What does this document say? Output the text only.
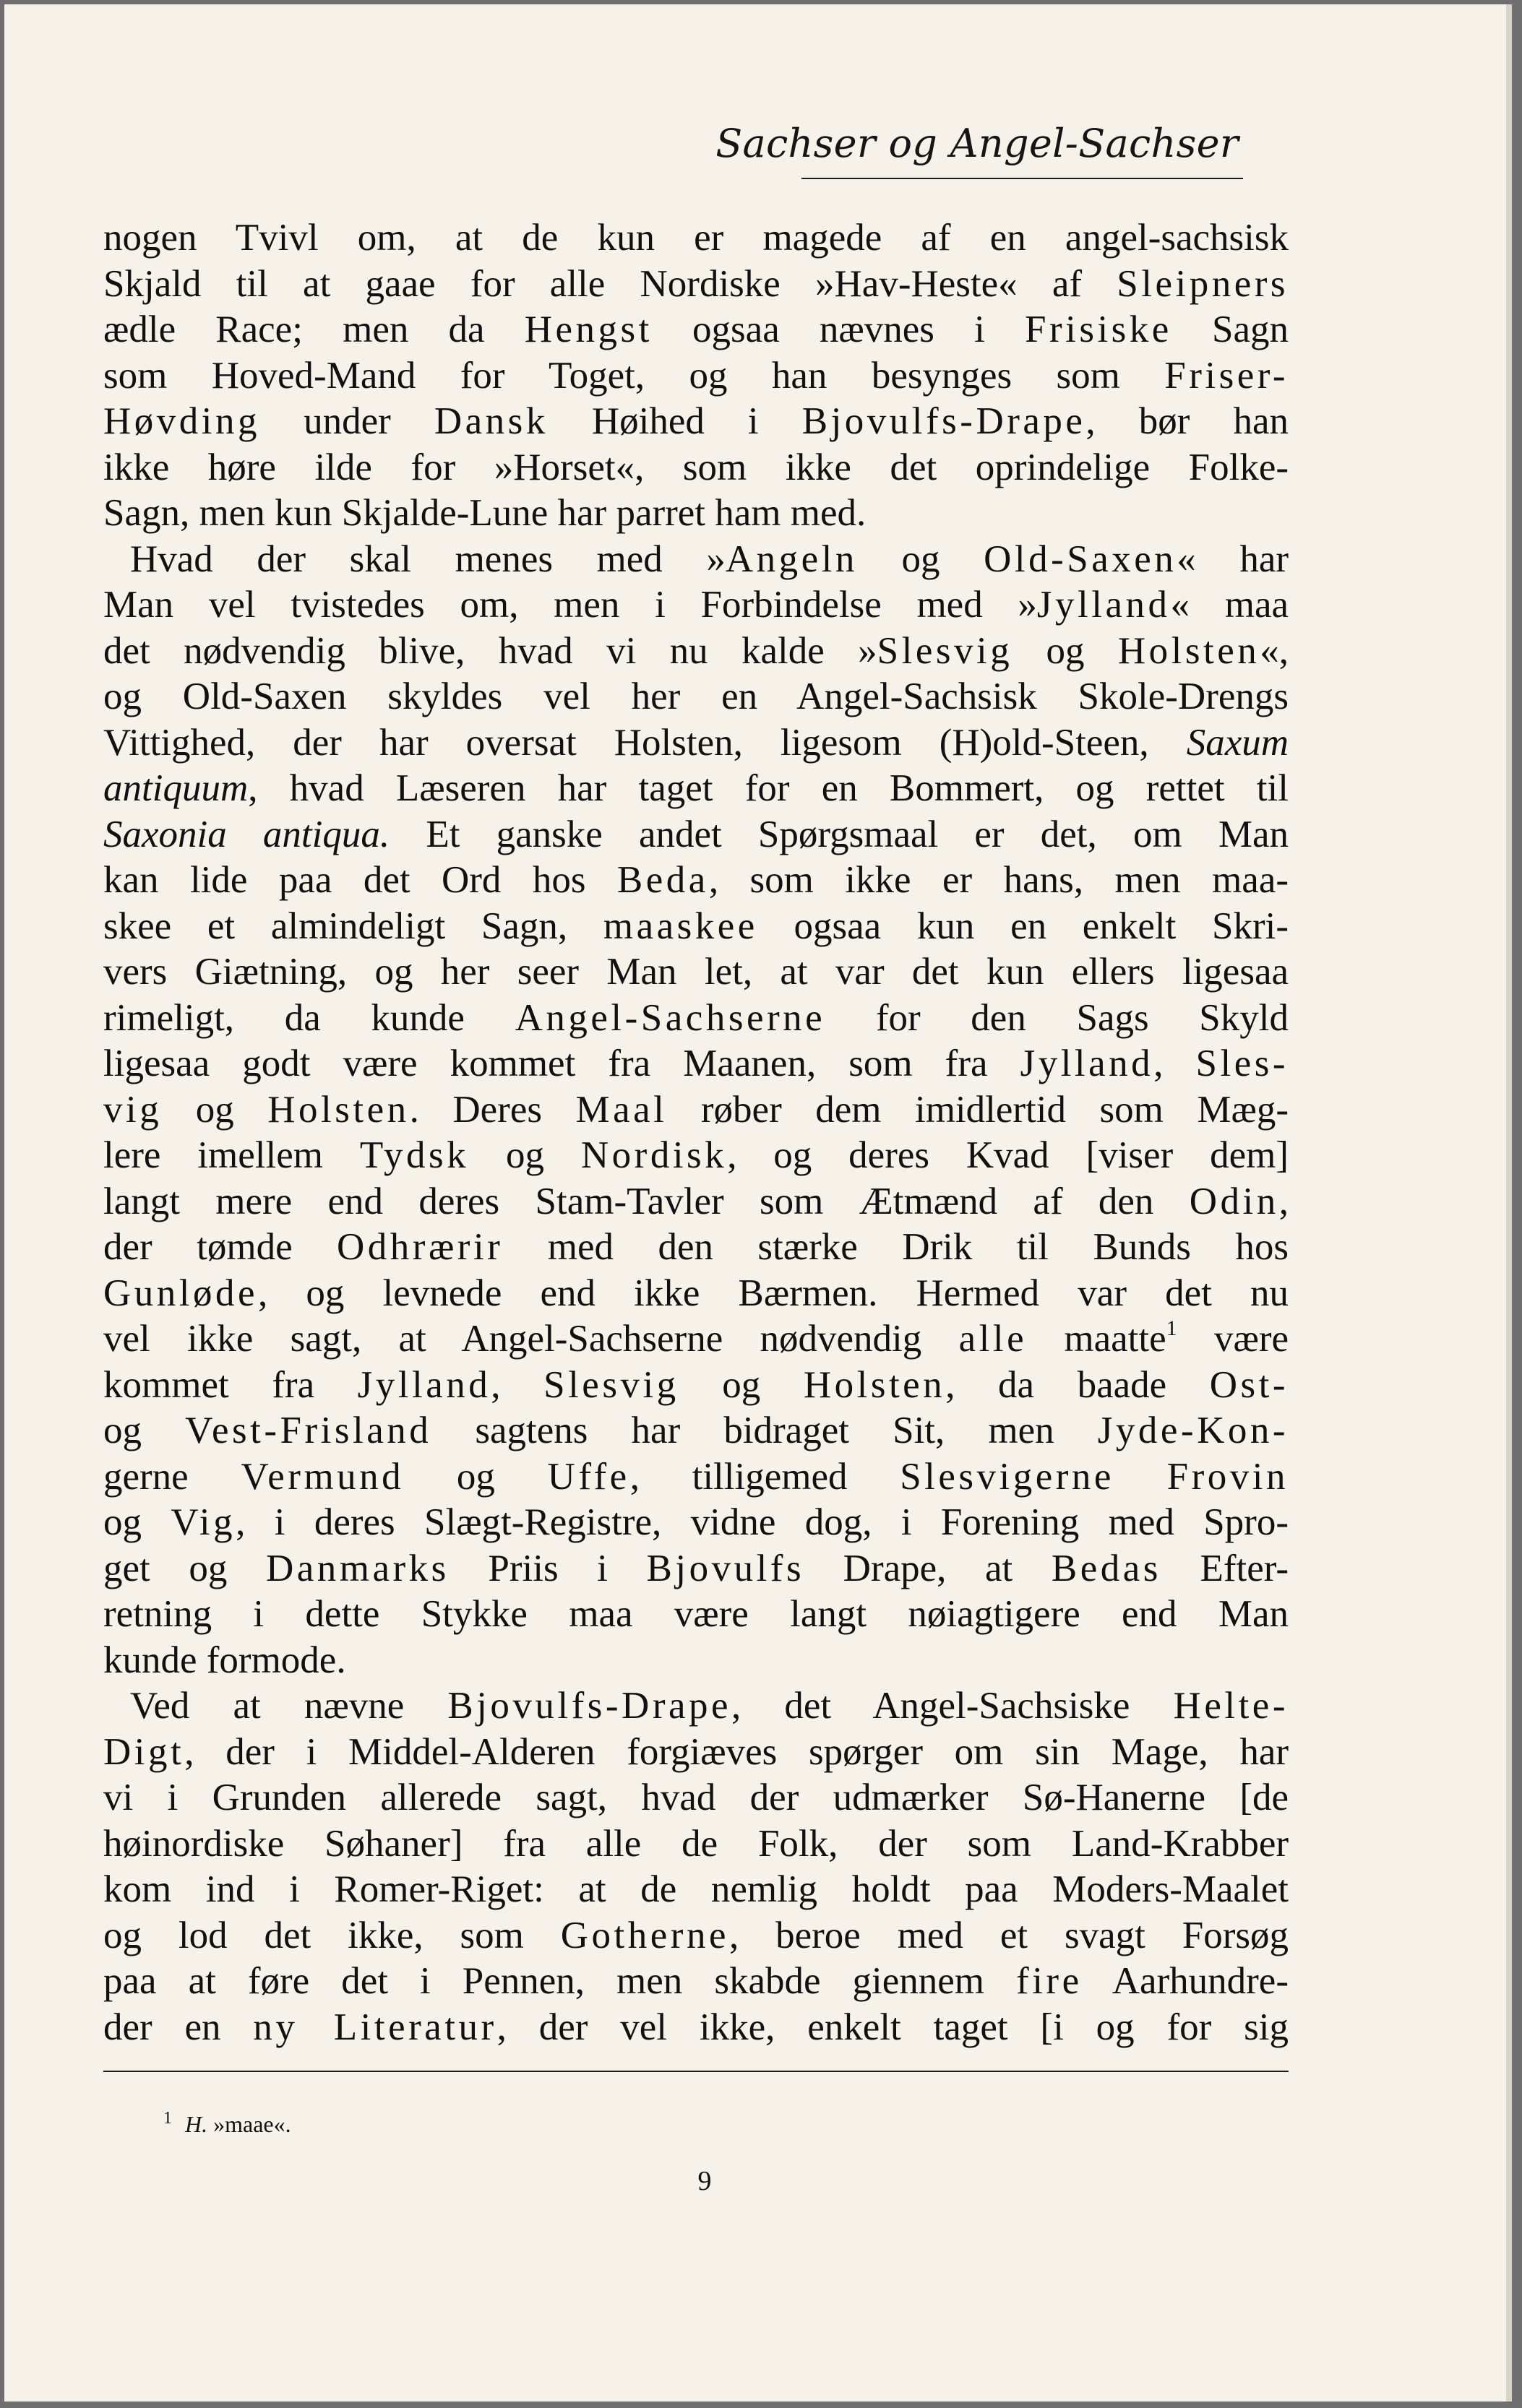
Sachser og Angel-Sachser
nogen Tvivl om, at de kun er magede af en angel-sachsisk
Skjald til at gaae for alle Nordiske »Hav-Heste« af Sleipners
ædle Race; men da Hengst ogsaa nævnes i Frisiske Sagn
som Hoved-Mand for Toget, og han besynges som Friser-
Høvding under Dansk Høihed i Bjovulfs-Drape, bør han
ikke høre ilde for »Horset«, som ikke det oprindelige Folke-
Sagn, men kun Skjalde-Lune har parret ham med.
Hvad der skal menes med »Angeln og Old-Saxen« har
Man vel tvistedes om, men i Forbindelse med »Jylland« maa
det nødvendig blive, hvad vi nu kalde »Slesvig og Holsten«,
og Old-Saxen skyldes vel her en Angel-Sachsisk Skole-Drengs
Vittighed, der har oversat Holsten, ligesom (H)old-Steen, Saxum
antiquum, hvad Læseren har taget for en Bommert, og rettet til
Saxonia antiqua. Et ganske andet Spørgsmaal er det, om Man
kan lide paa det Ord hos Beda, som ikke er hans, men maa-
skee et almindeligt Sagn, maaskee ogsaa kun en enkelt Skri-
vers Giætning, og her seer Man let, at var det kun ellers ligesaa
rimeligt, da kunde Angel-Sachserne for den Sags Skyld
ligesaa godt være kommet fra Maanen, som fra Jylland, Sles-
vig og Holsten. Deres Maal røber dem imidlertid som Mæg-
lere imellem Tydsk og Nordisk, og deres Kvad [viser dem]
langt mere end deres Stam-Tavler som Ætmænd af den Odin,
der tømde Odhrærir med den stærke Drik til Bunds hos
Gunløde, og levnede end ikke Bærmen. Hermed var det nu
vel ikke sagt, at Angel-Sachserne nødvendig alle maatte$^1$ være
kommet fra Jylland, Slesvig og Holsten, da baade Ost-
og Vest-Frisland sagtens har bidraget Sit, men Jyde-Kon-
gerne Vermund og Uffe, tilligemed Slesvigerne Frovin
og Vig, i deres Slægt-Registre, vidne dog, i Forening med Spro-
get og Danmarks Priis i Bjovulfs Drape, at Bedas Efter-
retning i dette Stykke maa være langt nøiagtigere end Man
kunde formode.
Ved at nævne Bjovulfs-Drape, det Angel-Sachsiske Helte-
Digt, der i Middel-Alderen forgiæves spørger om sin Mage, har
vi i Grunden allerede sagt, hvad der udmærker Sø-Hanerne [de
høinordiske Søhaner] fra alle de Folk, der som Land-Krabber
kom ind i Romer-Riget: at de nemlig holdt paa Moders-Maalet
og lod det ikke, som Gotherne, beroe med et svagt Forsøg
paa at føre det i Pennen, men skabde giennem fire Aarhundre-
der en ny Literatur, der vel ikke, enkelt taget [i og for sig
$^1$ H. »maae«.
9
